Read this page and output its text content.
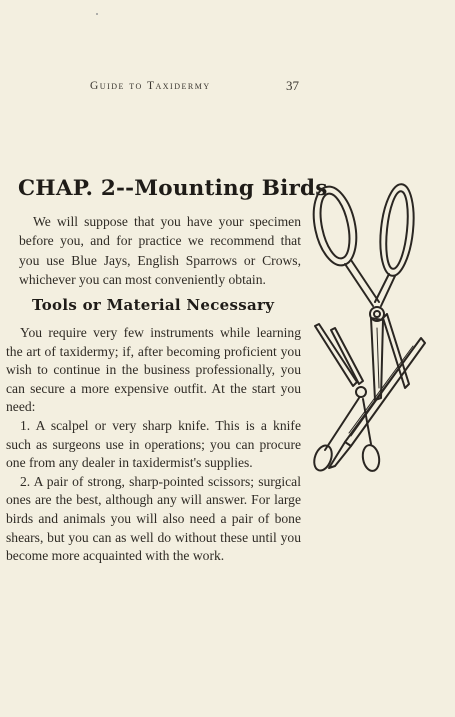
Guide to Taxidermy	37
CHAP. 2--Mounting Birds

We will suppose that you have your specimen before you, and for practice we recommend that you use Blue Jays, English Sparrows or Crows, whichever you can most conveniently obtain.

Tools or Material Necessary

You require very few instruments while learning the art of taxidermy; if, after becoming proficient you wish to continue in the business professionally, you can secure a more expensive outfit. At the start you need:

1. A scalpel or very sharp knife. This is a knife such as surgeons use in operations; you can procure one from any dealer in taxidermist's supplies.

2. A pair of strong, sharp-pointed scissors; surgical ones are the best, although any will answer. For large birds and animals you will also need a pair of bone shears, but you can as well do without these until you become more acquainted with the work.
